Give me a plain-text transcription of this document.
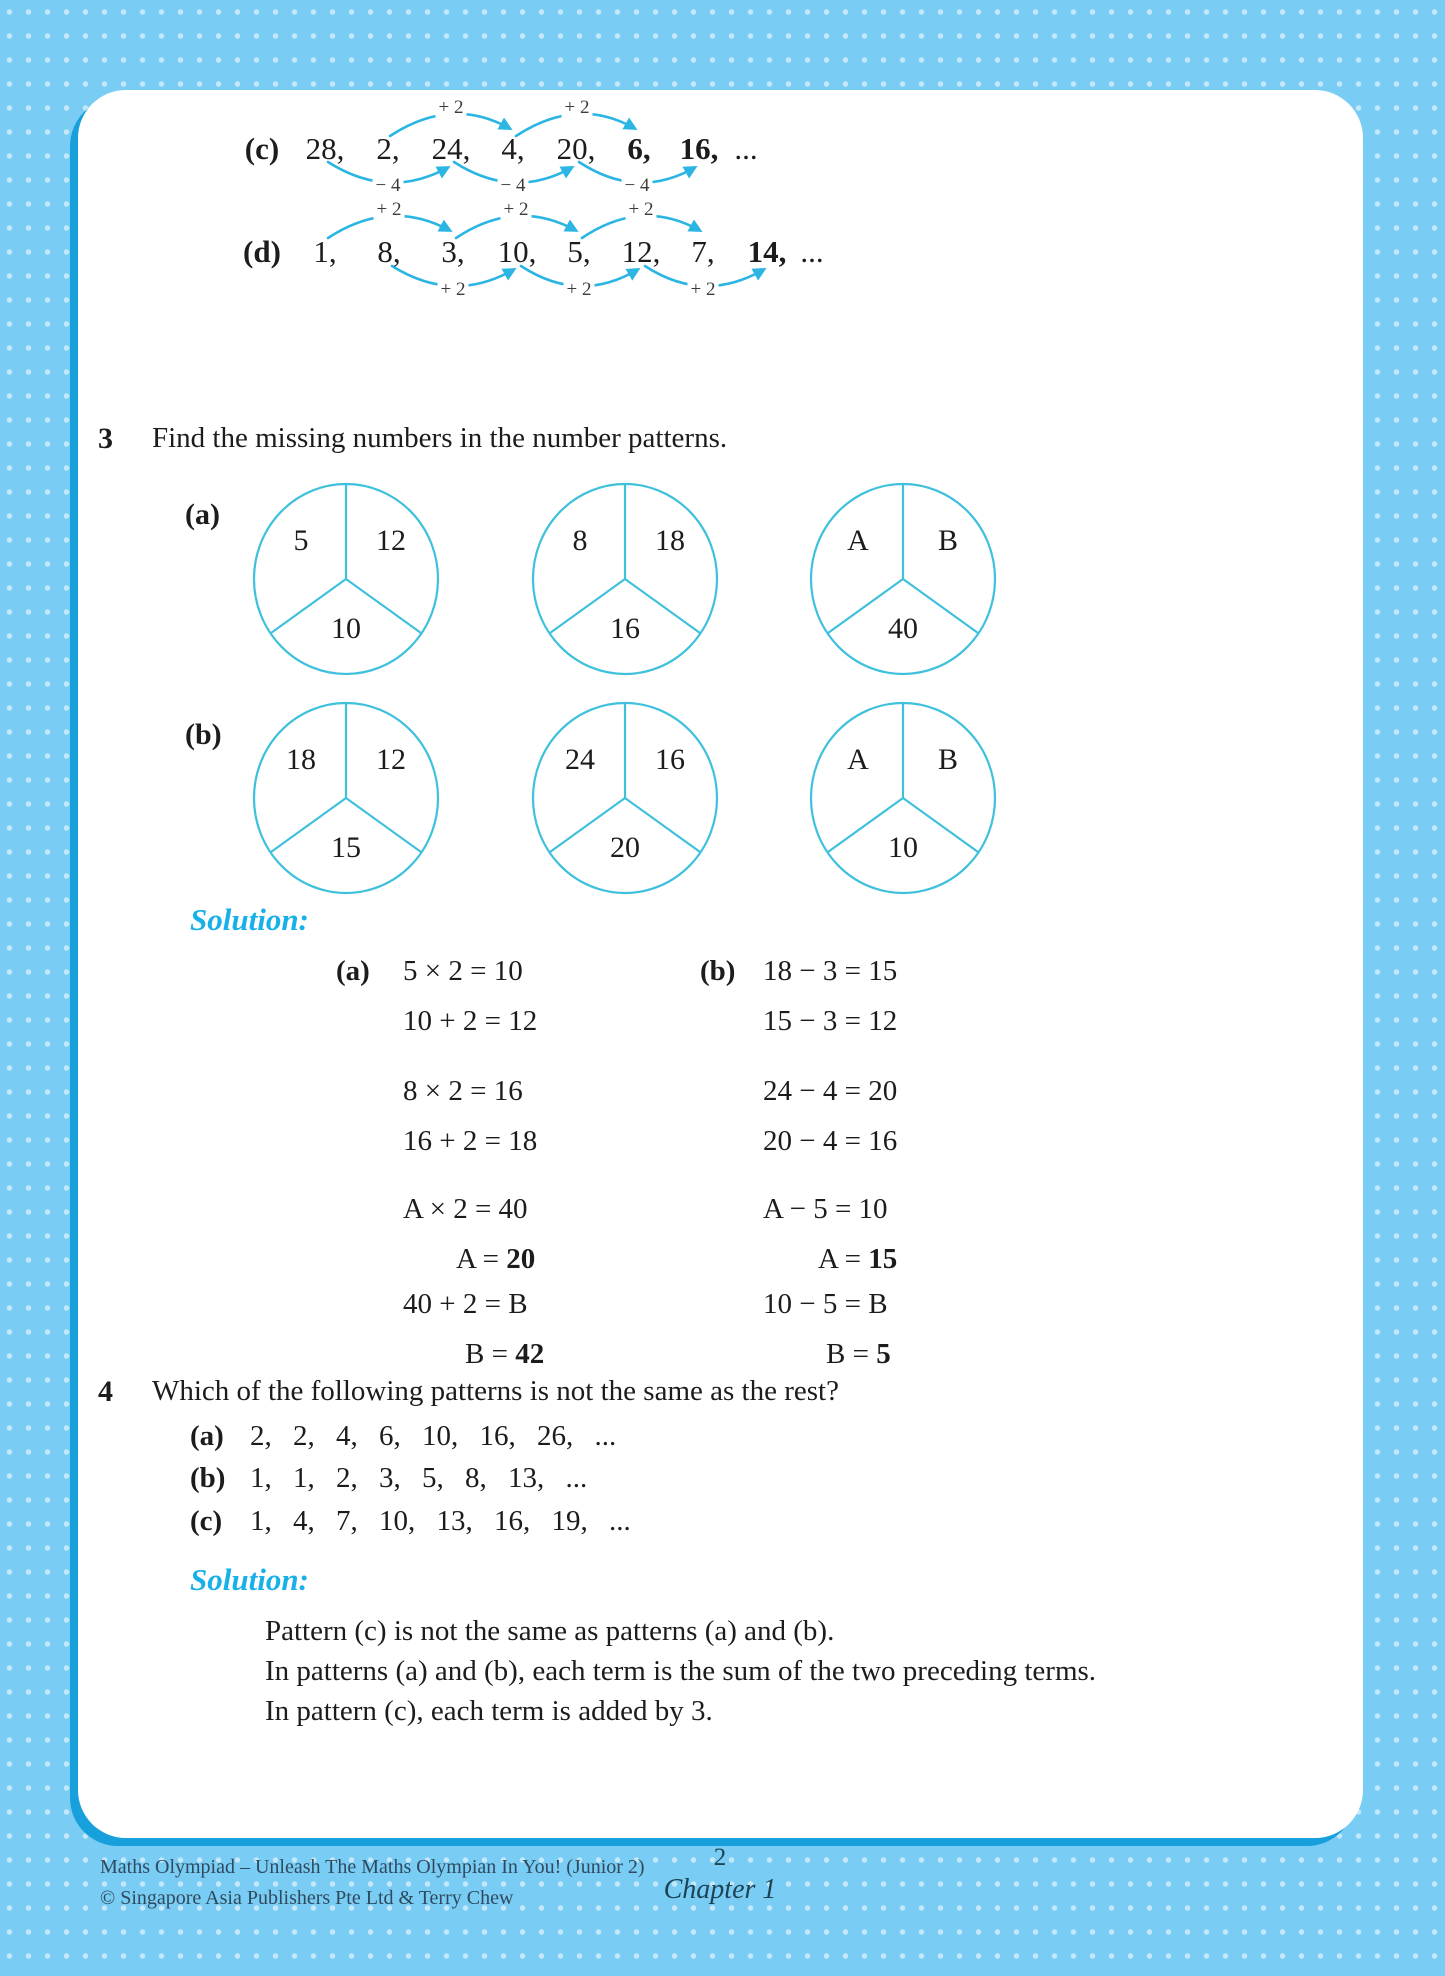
(c) 28, 2, 24, 4, 20, 6, 16, ...
+ 2	+ 2
− 4	− 4	− 4
(d) 1, 8, 3, 10, 5, 12, 7, 14, ...
+ 2	+ 2	+ 2
+ 2	+ 2	+ 2
3 Find the missing numbers in the number patterns.
(a)
5 12
10
8 18
16
A B
40
(b)
18 12
15
24 16
20
A B
10
Solution:
(a) 5 × 2 = 10
10 + 2 = 12
8 × 2 = 16
16 + 2 = 18
A × 2 = 40
A = 20
40 + 2 = B
B = 42
(b) 18 − 3 = 15
15 − 3 = 12
24 − 4 = 20
20 − 4 = 16
A − 5 = 10
A = 15
10 − 5 = B
B = 5
4 Which of the following patterns is not the same as the rest?
(a) 2, 2, 4, 6, 10, 16, 26, ...
(b) 1, 1, 2, 3, 5, 8, 13, ...
(c) 1, 4, 7, 10, 13, 16, 19, ...
Solution:
Pattern (c) is not the same as patterns (a) and (b).
In patterns (a) and (b), each term is the sum of the two preceding terms.
In pattern (c), each term is added by 3.
Maths Olympiad – Unleash The Maths Olympian In You! (Junior 2)
© Singapore Asia Publishers Pte Ltd & Terry Chew
2
Chapter 1
